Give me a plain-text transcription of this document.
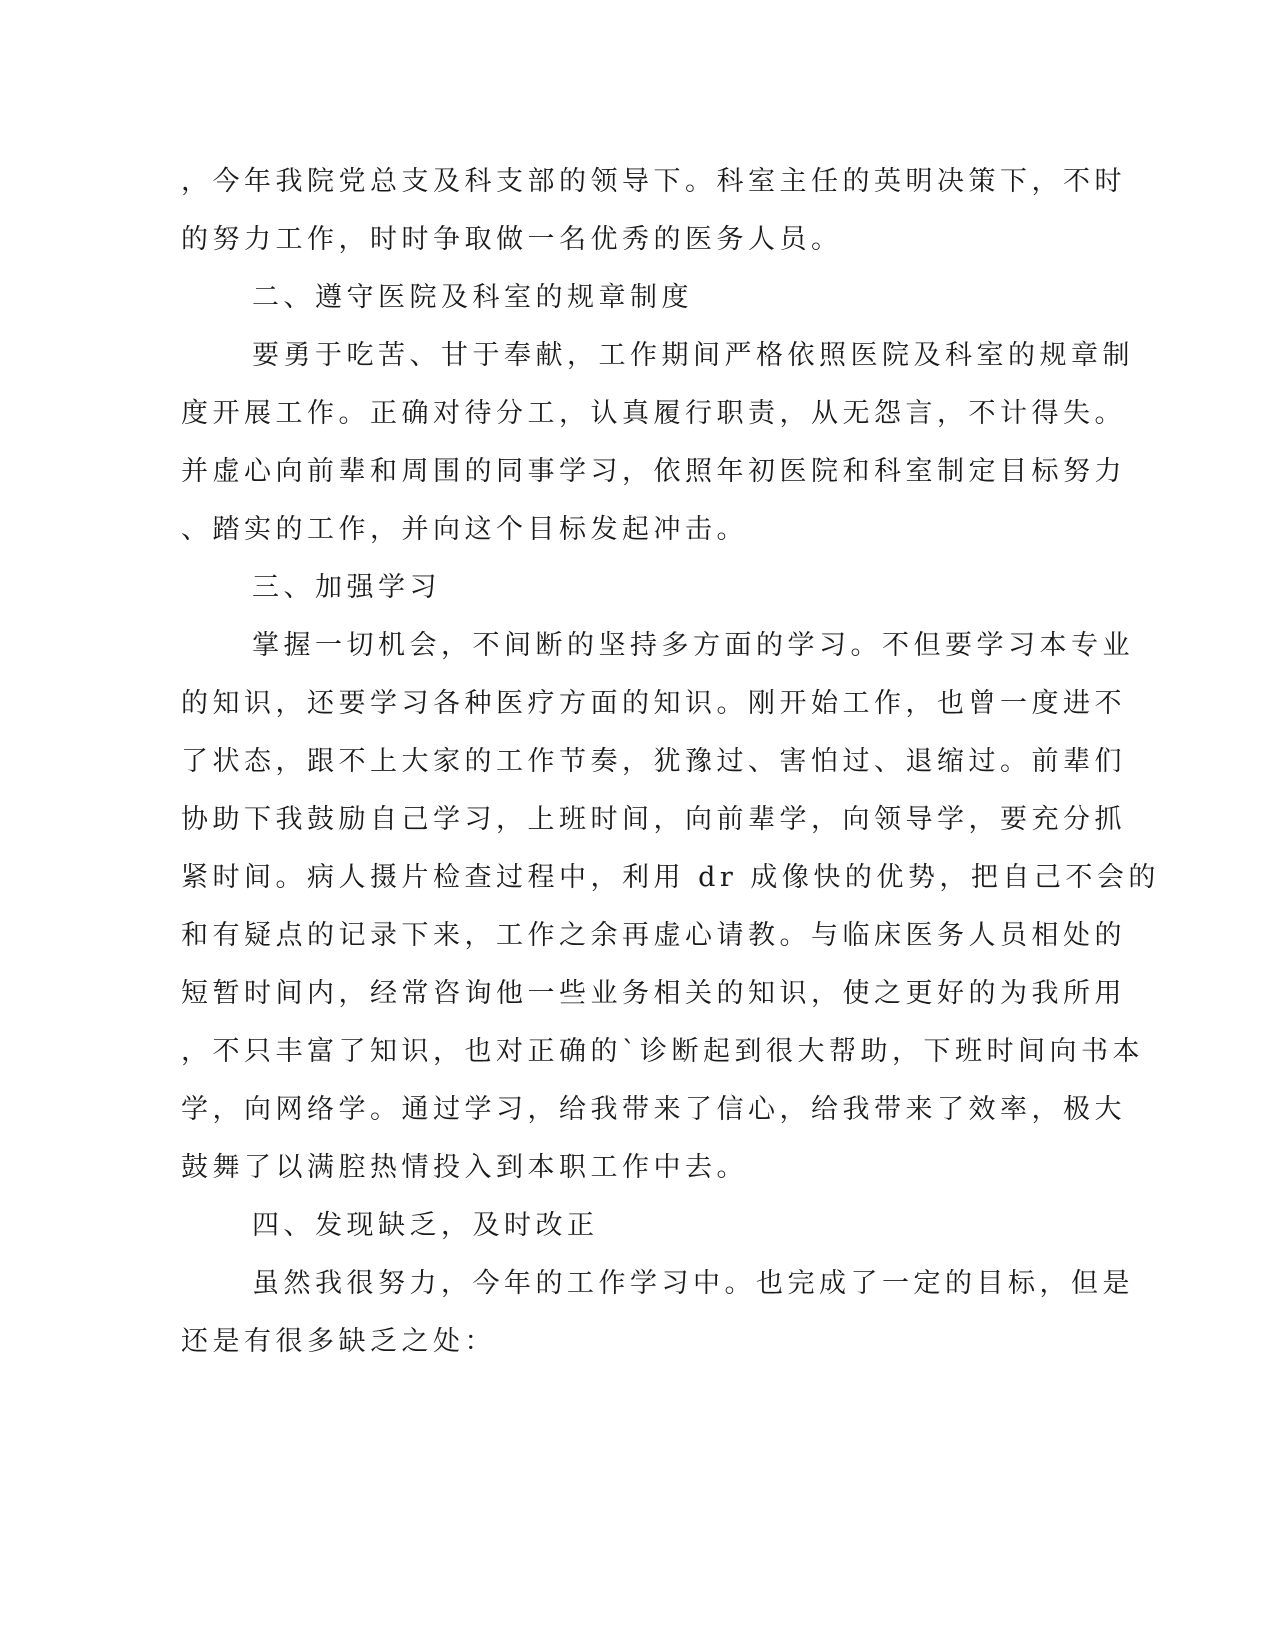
，今年我院党总支及科支部的领导下。科室主任的英明决策下，不时
的努力工作，时时争取做一名优秀的医务人员。
二、遵守医院及科室的规章制度
要勇于吃苦、甘于奉献，工作期间严格依照医院及科室的规章制
度开展工作。正确对待分工，认真履行职责，从无怨言，不计得失。
并虚心向前辈和周围的同事学习，依照年初医院和科室制定目标努力
、踏实的工作，并向这个目标发起冲击。
三、加强学习
掌握一切机会，不间断的坚持多方面的学习。不但要学习本专业
的知识，还要学习各种医疗方面的知识。刚开始工作，也曾一度进不
了状态，跟不上大家的工作节奏，犹豫过、害怕过、退缩过。前辈们
协助下我鼓励自己学习，上班时间，向前辈学，向领导学，要充分抓
紧时间。病人摄片检查过程中，利用 dr 成像快的优势，把自己不会的
和有疑点的记录下来，工作之余再虚心请教。与临床医务人员相处的
短暂时间内，经常咨询他一些业务相关的知识，使之更好的为我所用
，不只丰富了知识，也对正确的`诊断起到很大帮助，下班时间向书本
学，向网络学。通过学习，给我带来了信心，给我带来了效率，极大
鼓舞了以满腔热情投入到本职工作中去。
四、发现缺乏，及时改正
虽然我很努力，今年的工作学习中。也完成了一定的目标，但是
还是有很多缺乏之处：
